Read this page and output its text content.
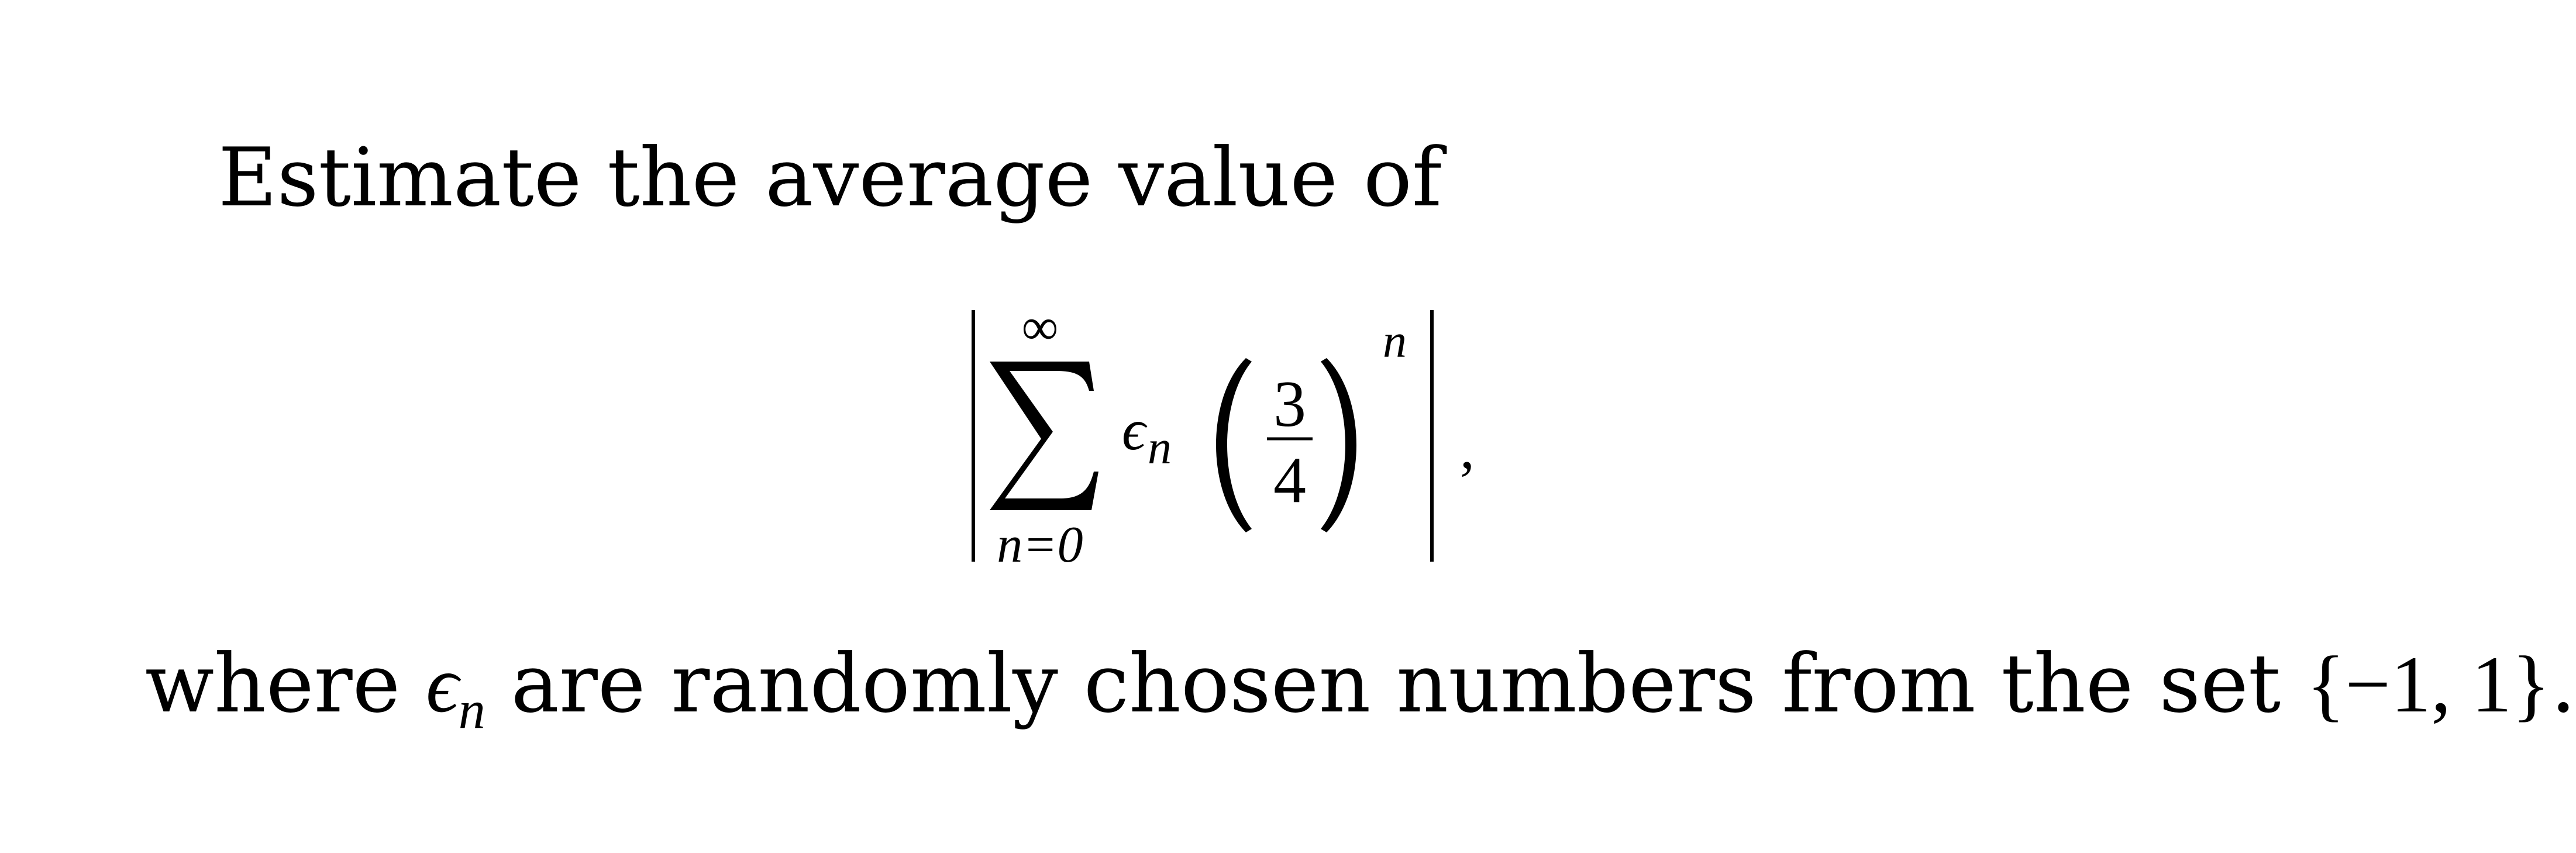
Estimate the average value of
∞
n=0
ϵ n
3
4
n
,
where $\epsilon_n$ are randomly chosen numbers from the set {−1, 1}.
